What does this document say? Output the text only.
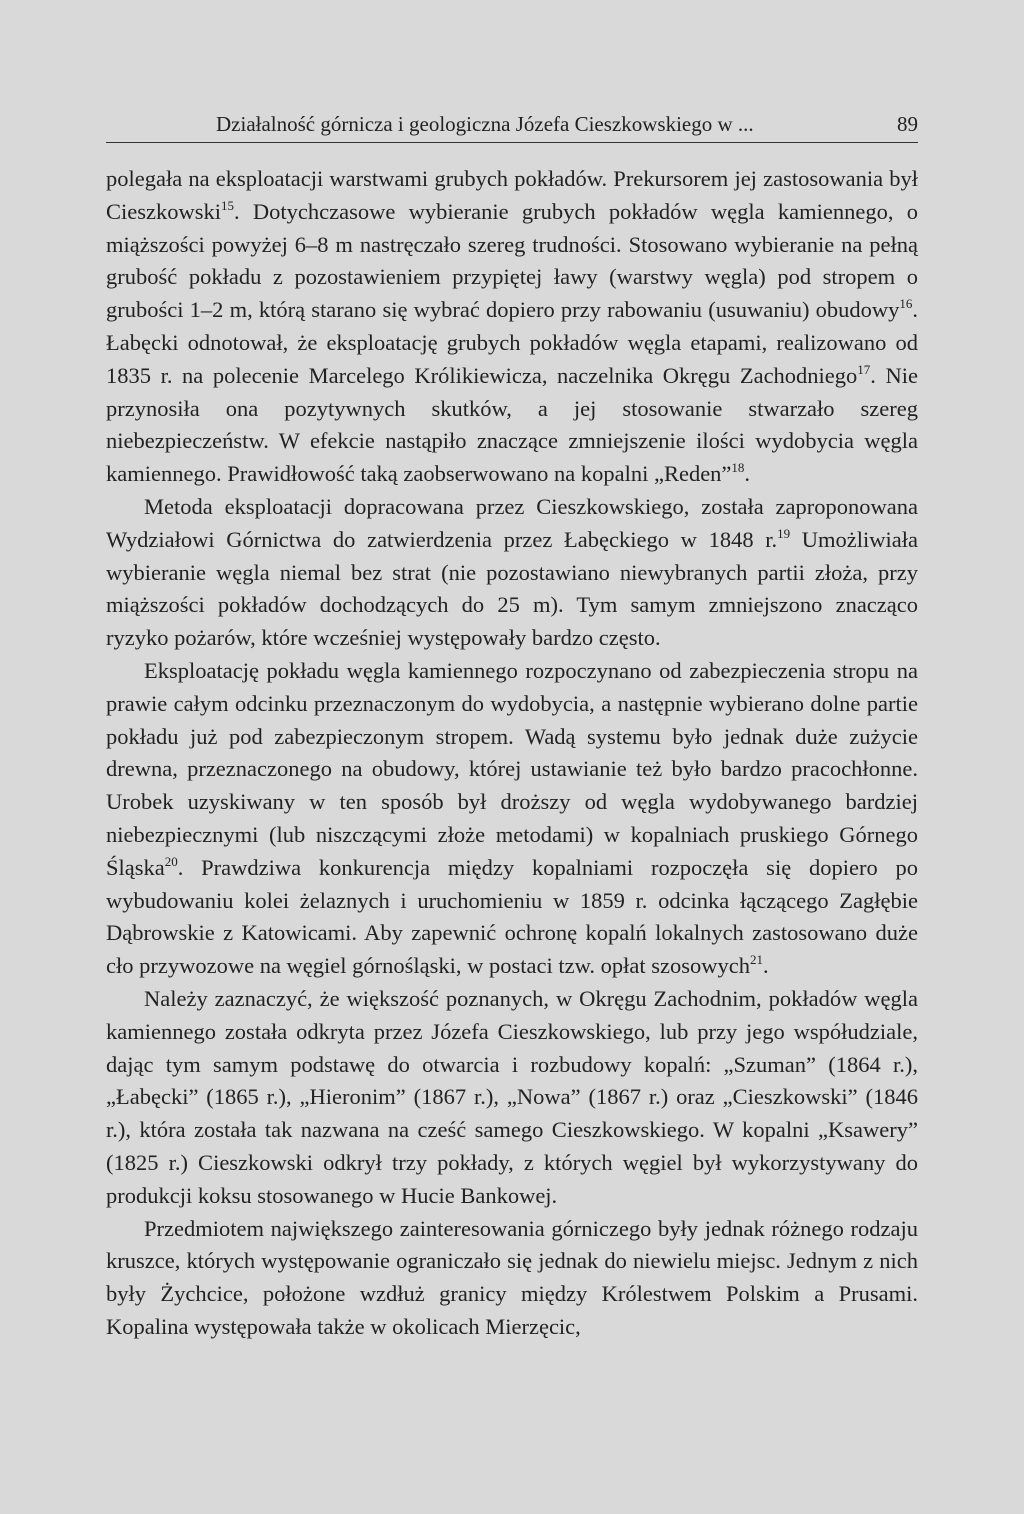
Działalność górnicza i geologiczna Józefa Cieszkowskiego w ...	89

polegała na eksploatacji warstwami grubych pokładów. Prekursorem jej zastosowania był Cieszkowski$^{15}$. Dotychczasowe wybieranie grubych pokładów węgla kamiennego, o miąższości powyżej 6–8 m nastręczało szereg trudności. Stosowano wybieranie na pełną grubość pokładu z pozostawieniem przypiętej ławy (warstwy węgla) pod stropem o grubości 1–2 m, którą starano się wybrać dopiero przy rabowaniu (usuwaniu) obudowy$^{16}$. Łabęcki odnotował, że eksploatację grubych pokładów węgla etapami, realizowano od 1835 r. na polecenie Marcelego Królikiewicza, naczelnika Okręgu Zachodniego$^{17}$. Nie przynosiła ona pozytywnych skutków, a jej stosowanie stwarzało szereg niebezpieczeństw. W efekcie nastąpiło znaczące zmniejszenie ilości wydobycia węgla kamiennego. Prawidłowość taką zaobserwowano na kopalni „Reden”$^{18}$.

Metoda eksploatacji dopracowana przez Cieszkowskiego, została zaproponowana Wydziałowi Górnictwa do zatwierdzenia przez Łabęckiego w 1848 r.$^{19}$ Umożliwiała wybieranie węgla niemal bez strat (nie pozostawiano niewybranych partii złoża, przy miąższości pokładów dochodzących do 25 m). Tym samym zmniejszono znacząco ryzyko pożarów, które wcześniej występowały bardzo często.

Eksploatację pokładu węgla kamiennego rozpoczynano od zabezpieczenia stropu na prawie całym odcinku przeznaczonym do wydobycia, a następnie wybierano dolne partie pokładu już pod zabezpieczonym stropem. Wadą systemu było jednak duże zużycie drewna, przeznaczonego na obudowy, której ustawianie też było bardzo pracochłonne. Urobek uzyskiwany w ten sposób był droższy od węgla wydobywanego bardziej niebezpiecznymi (lub niszczącymi złoże metodami) w kopalniach pruskiego Górnego Śląska$^{20}$. Prawdziwa konkurencja między kopalniami rozpoczęła się dopiero po wybudowaniu kolei żelaznych i uruchomieniu w 1859 r. odcinka łączącego Zagłębie Dąbrowskie z Katowicami. Aby zapewnić ochronę kopalń lokalnych zastosowano duże cło przywozowe na węgiel górnośląski, w postaci tzw. opłat szosowych$^{21}$.

Należy zaznaczyć, że większość poznanych, w Okręgu Zachodnim, pokładów węgla kamiennego została odkryta przez Józefa Cieszkowskiego, lub przy jego współudziale, dając tym samym podstawę do otwarcia i rozbudowy kopalń: „Szuman” (1864 r.), „Łabęcki” (1865 r.), „Hieronim” (1867 r.), „Nowa” (1867 r.) oraz „Cieszkowski” (1846 r.), która została tak nazwana na cześć samego Cieszkowskiego. W kopalni „Ksawery” (1825 r.) Cieszkowski odkrył trzy pokłady, z których węgiel był wykorzystywany do produkcji koksu stosowanego w Hucie Bankowej.

Przedmiotem największego zainteresowania górniczego były jednak różnego rodzaju kruszce, których występowanie ograniczało się jednak do niewielu miejsc. Jednym z nich były Żychcice, położone wzdłuż granicy między Królestwem Polskim a Prusami. Kopalina występowała także w okolicach Mierzęcic,
